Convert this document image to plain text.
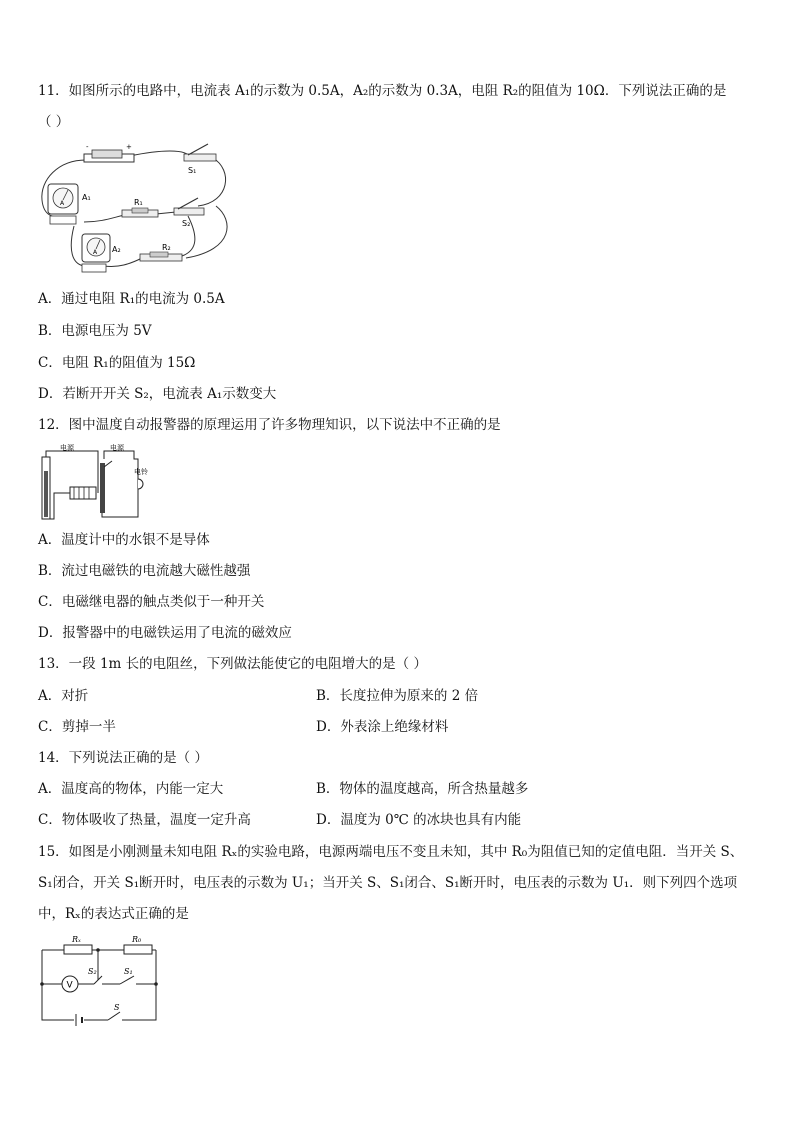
11．如图所示的电路中，电流表 A₁的示数为 0.5A，A₂的示数为 0.3A，电阻 R₂的阻值为 10Ω．下列说法正确的是
（ ）
-	+
S₁
A
A₁
R₁
S₂
A A₂	R₂
A．通过电阻 R₁的电流为 0.5A
B．电源电压为 5V
C．电阻 R₁的阻值为 15Ω
D．若断开开关 S₂，电流表 A₁示数变大
12．图中温度自动报警器的原理运用了许多物理知识，以下说法中不正确的是
电源	电源
电铃
A．温度计中的水银不是导体
B．流过电磁铁的电流越大磁性越强
C．电磁继电器的触点类似于一种开关
D．报警器中的电磁铁运用了电流的磁效应
13．一段 1m 长的电阻丝，下列做法能使它的电阻增大的是（ ）
A．对折	B．长度拉伸为原来的 2 倍
C．剪掉一半	D．外表涂上绝缘材料
14．下列说法正确的是（ ）
A．温度高的物体，内能一定大	B．物体的温度越高，所含热量越多
C．物体吸收了热量，温度一定升高	D．温度为 0℃ 的冰块也具有内能
15．如图是小刚测量未知电阻 Rₓ的实验电路，电源两端电压不变且未知，其中 R₀为阻值已知的定值电阻．当开关 S、
S₁闭合，开关 S₁断开时，电压表的示数为 U₁；当开关 S、S₁闭合、S₁断开时，电压表的示数为 U₁．则下列四个选项
中，Rₓ的表达式正确的是
Rₓ	R₀
V
S₂	S₁
S
